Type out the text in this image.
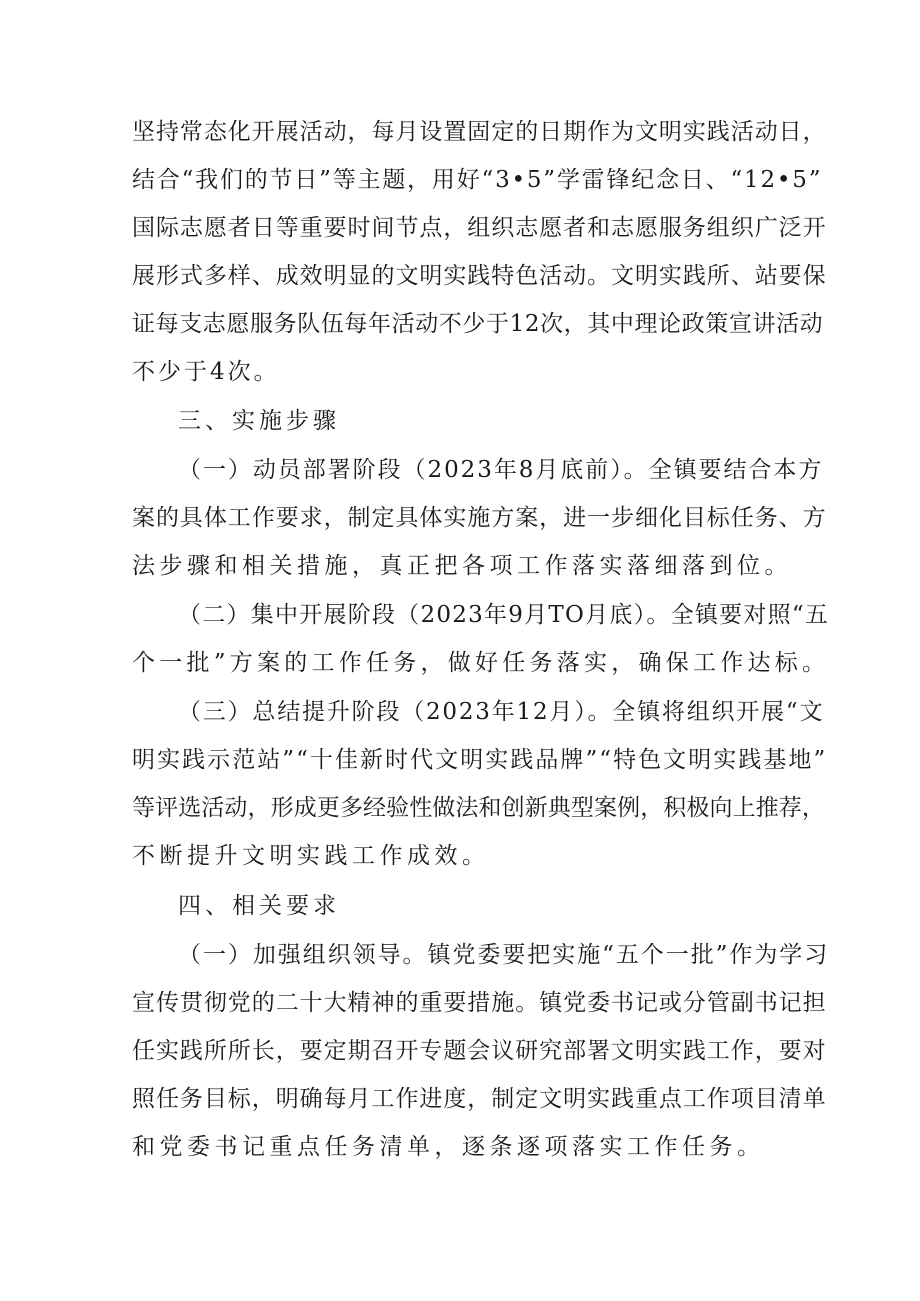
坚持常态化开展活动，每月设置固定的日期作为文明实践活动日，
结合“我们的节日”等主题，用好“3•5”学雷锋纪念日、“12•5”
国际志愿者日等重要时间节点，组织志愿者和志愿服务组织广泛开
展形式多样、成效明显的文明实践特色活动。文明实践所、站要保
证每支志愿服务队伍每年活动不少于12次，其中理论政策宣讲活动
不少于4次。
三、实施步骤
（一）动员部署阶段（2023年8月底前）。全镇要结合本方
案的具体工作要求，制定具体实施方案，进一步细化目标任务、方
法步骤和相关措施，真正把各项工作落实落细落到位。
（二）集中开展阶段（2023年9月TO月底）。全镇要对照“五
个一批”方案的工作任务，做好任务落实，确保工作达标。
（三）总结提升阶段（2023年12月）。全镇将组织开展“文
明实践示范站”“十佳新时代文明实践品牌”“特色文明实践基地”
等评选活动，形成更多经验性做法和创新典型案例，积极向上推荐，
不断提升文明实践工作成效。
四、相关要求
（一）加强组织领导。镇党委要把实施“五个一批”作为学习
宣传贯彻党的二十大精神的重要措施。镇党委书记或分管副书记担
任实践所所长，要定期召开专题会议研究部署文明实践工作，要对
照任务目标，明确每月工作进度，制定文明实践重点工作项目清单
和党委书记重点任务清单，逐条逐项落实工作任务。
